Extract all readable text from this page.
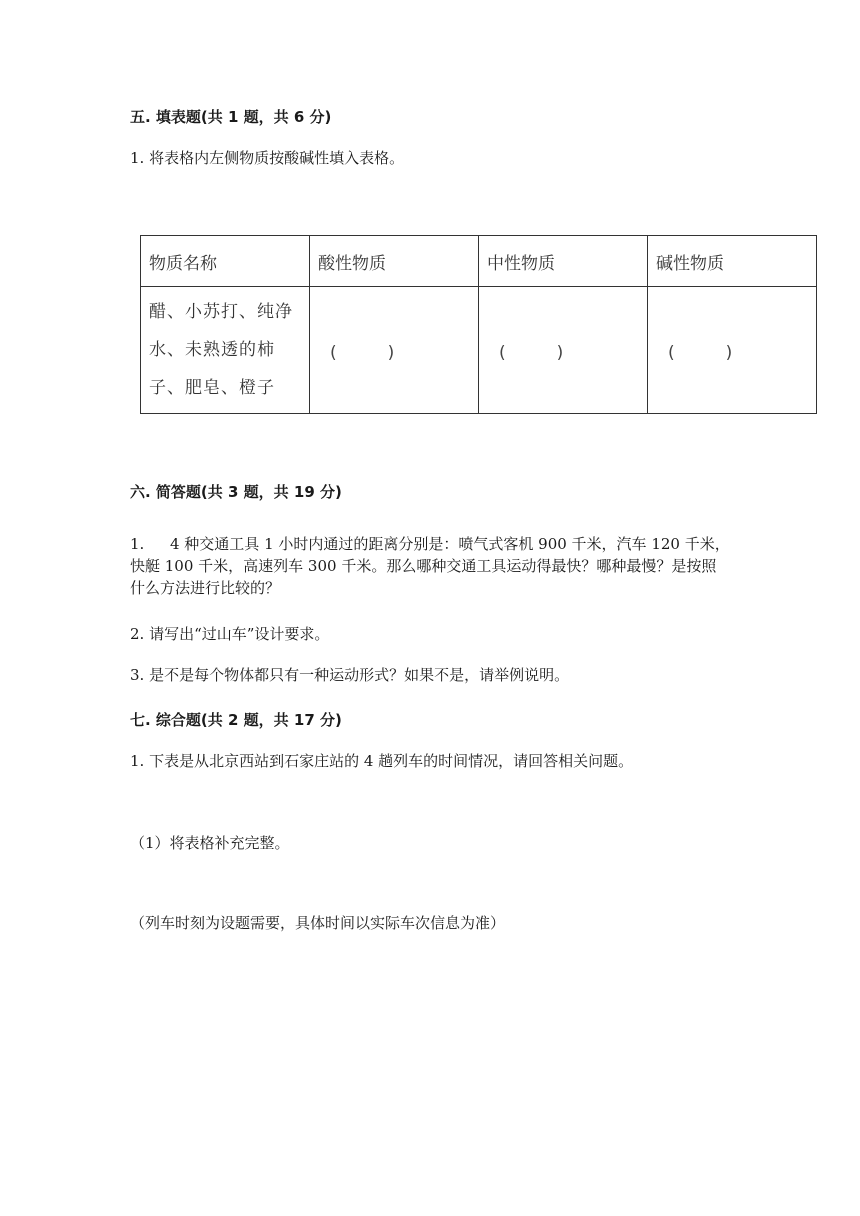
五. 填表题(共 1 题，共 6 分)
1. 将表格内左侧物质按酸碱性填入表格。
物质名称	酸性物质	中性物质	碱性物质
醋、小苏打、纯净水、未熟透的柿子、肥皂、橙子	(　　　)	(　　　)	(　　　)
六. 简答题(共 3 题，共 19 分)
1. 4 种交通工具 1 小时内通过的距离分别是：喷气式客机 900 千米，汽车 120 千米，快艇 100 千米，高速列车 300 千米。那么哪种交通工具运动得最快？哪种最慢？是按照什么方法进行比较的？
2. 请写出“过山车”设计要求。
3. 是不是每个物体都只有一种运动形式？如果不是，请举例说明。
七. 综合题(共 2 题，共 17 分)
1. 下表是从北京西站到石家庄站的 4 趟列车的时间情况，请回答相关问题。
（1）将表格补充完整。
（列车时刻为设题需要，具体时间以实际车次信息为准）
